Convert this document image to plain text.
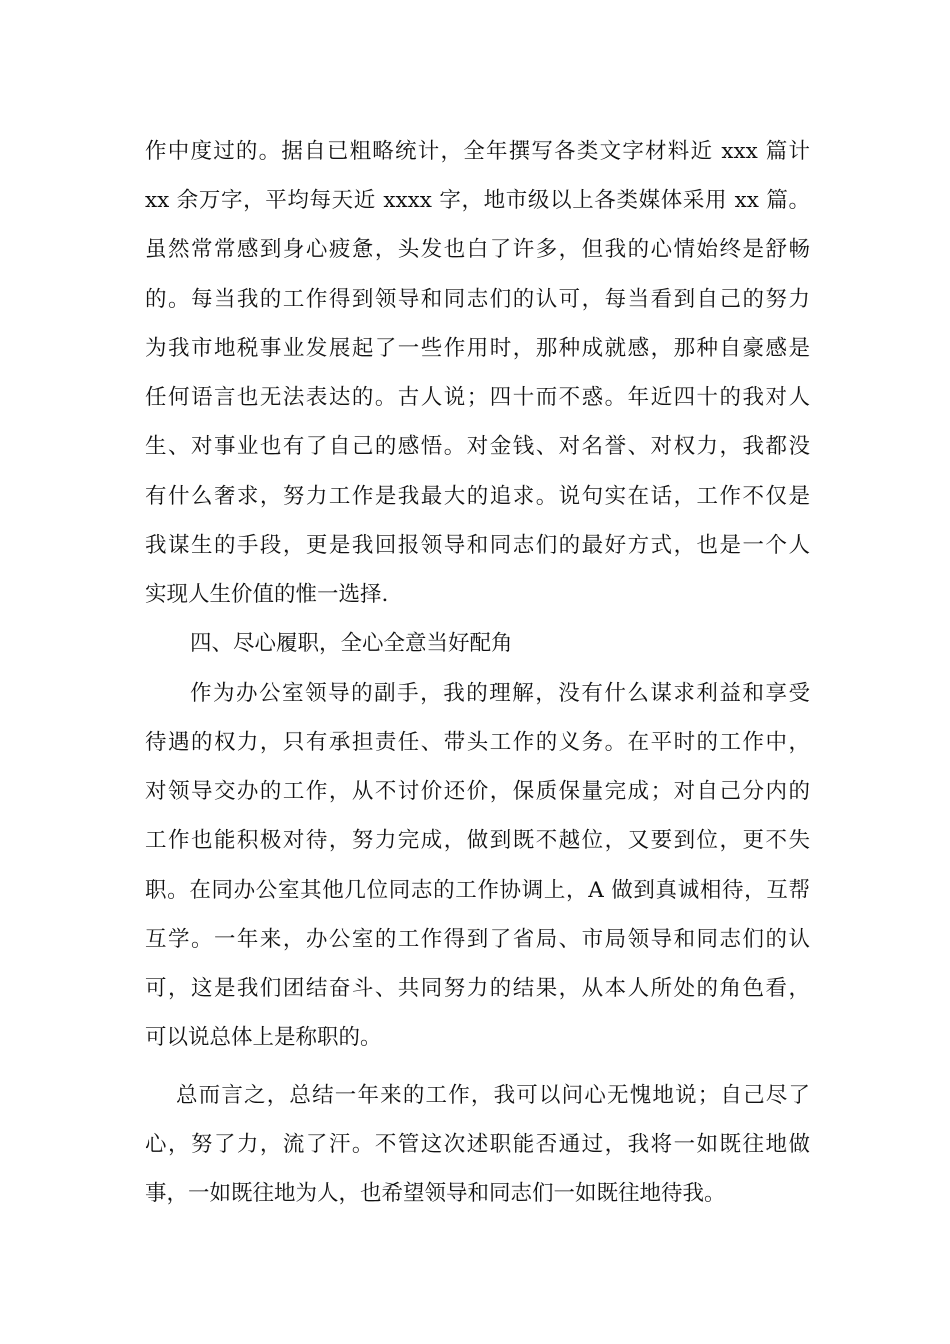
作中度过的。据自已粗略统计，全年撰写各类文字材料近 xxx 篇计
xx 余万字，平均每天近 xxxx 字，地市级以上各类媒体采用 xx 篇。
虽然常常感到身心疲惫，头发也白了许多，但我的心情始终是舒畅
的。每当我的工作得到领导和同志们的认可，每当看到自己的努力
为我市地税事业发展起了一些作用时，那种成就感，那种自豪感是
任何语言也无法表达的。古人说；四十而不惑。年近四十的我对人
生、对事业也有了自己的感悟。对金钱、对名誉、对权力，我都没
有什么奢求，努力工作是我最大的追求。说句实在话，工作不仅是
我谋生的手段，更是我回报领导和同志们的最好方式，也是一个人
实现人生价值的惟一选择.
四、尽心履职，全心全意当好配角
作为办公室领导的副手，我的理解，没有什么谋求利益和享受
待遇的权力，只有承担责任、带头工作的义务。在平时的工作中，
对领导交办的工作，从不讨价还价，保质保量完成；对自己分内的
工作也能积极对待，努力完成，做到既不越位，又要到位，更不失
职。在同办公室其他几位同志的工作协调上，A 做到真诚相待，互帮
互学。一年来，办公室的工作得到了省局、市局领导和同志们的认
可，这是我们团结奋斗、共同努力的结果，从本人所处的角色看，
可以说总体上是称职的。
总而言之，总结一年来的工作，我可以问心无愧地说；自己尽了
心，努了力，流了汗。不管这次述职能否通过，我将一如既往地做
事，一如既往地为人，也希望领导和同志们一如既往地待我。
